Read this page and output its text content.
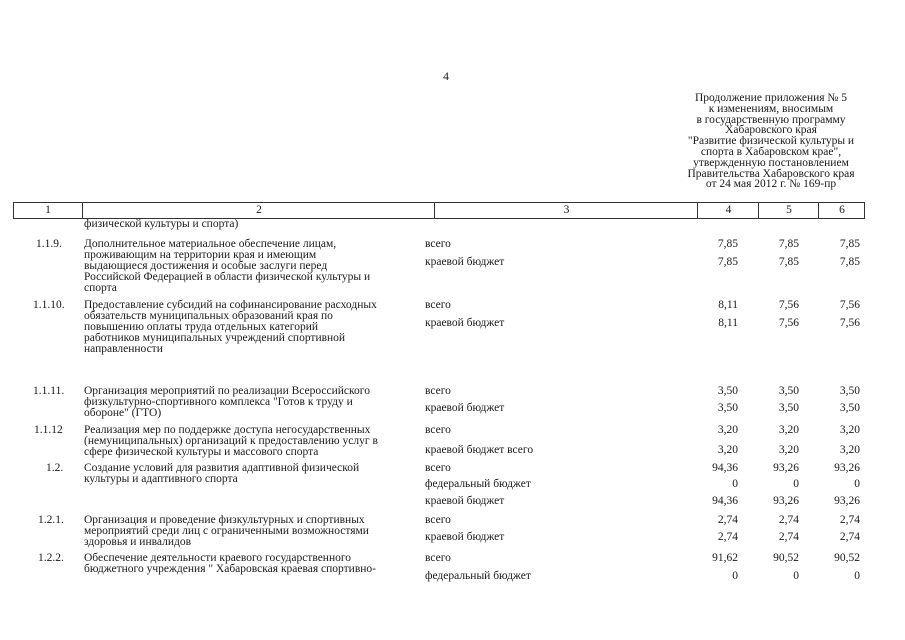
4
Продолжение приложения № 5
к изменениям, вносимым
в государственную программу
Хабаровского края
"Развитие физической культуры и
спорта в Хабаровском крае",
утвержденную постановлением
Правительства Хабаровского края
от 24 мая 2012 г. № 169-пр
1	2	3	4	5	6
физической культуры и спорта)
1.1.9. Дополнительное материальное обеспечение лицам,
проживающим на территории края и имеющим
выдающиеся достижения и особые заслуги перед
Российской Федерацией в области физической культуры и
спорта
всего	7,85	7,85	7,85
краевой бюджет	7,85	7,85	7,85
1.1.10. Предоставление субсидий на софинансирование расходных
обязательств муниципальных образований края по
повышению оплаты труда отдельных категорий
работников муниципальных учреждений спортивной
направленности
всего	8,11	7,56	7,56
краевой бюджет	8,11	7,56	7,56
1.1.11. Организация мероприятий по реализации Всероссийского
физкультурно-спортивного комплекса "Готов к труду и
обороне" (ГТО)
всего	3,50	3,50	3,50
краевой бюджет	3,50	3,50	3,50
1.1.12 Реализация мер по поддержке доступа негосударственных
(немуниципальных) организаций к предоставлению услуг в
сфере физической культуры и массового спорта
всего	3,20	3,20	3,20
краевой бюджет всего	3,20	3,20	3,20
1.2. Создание условий для развития адаптивной физической
культуры и адаптивного спорта
всего	94,36	93,26	93,26
федеральный бюджет	0	0	0
краевой бюджет	94,36	93,26	93,26
1.2.1. Организация и проведение физкультурных и спортивных
мероприятий среди лиц с ограниченными возможностями
здоровья и инвалидов
всего	2,74	2,74	2,74
краевой бюджет	2,74	2,74	2,74
1.2.2. Обеспечение деятельности краевого государственного
бюджетного учреждения " Хабаровская краевая спортивно-
всего	91,62	90,52	90,52
федеральный бюджет	0	0	0
